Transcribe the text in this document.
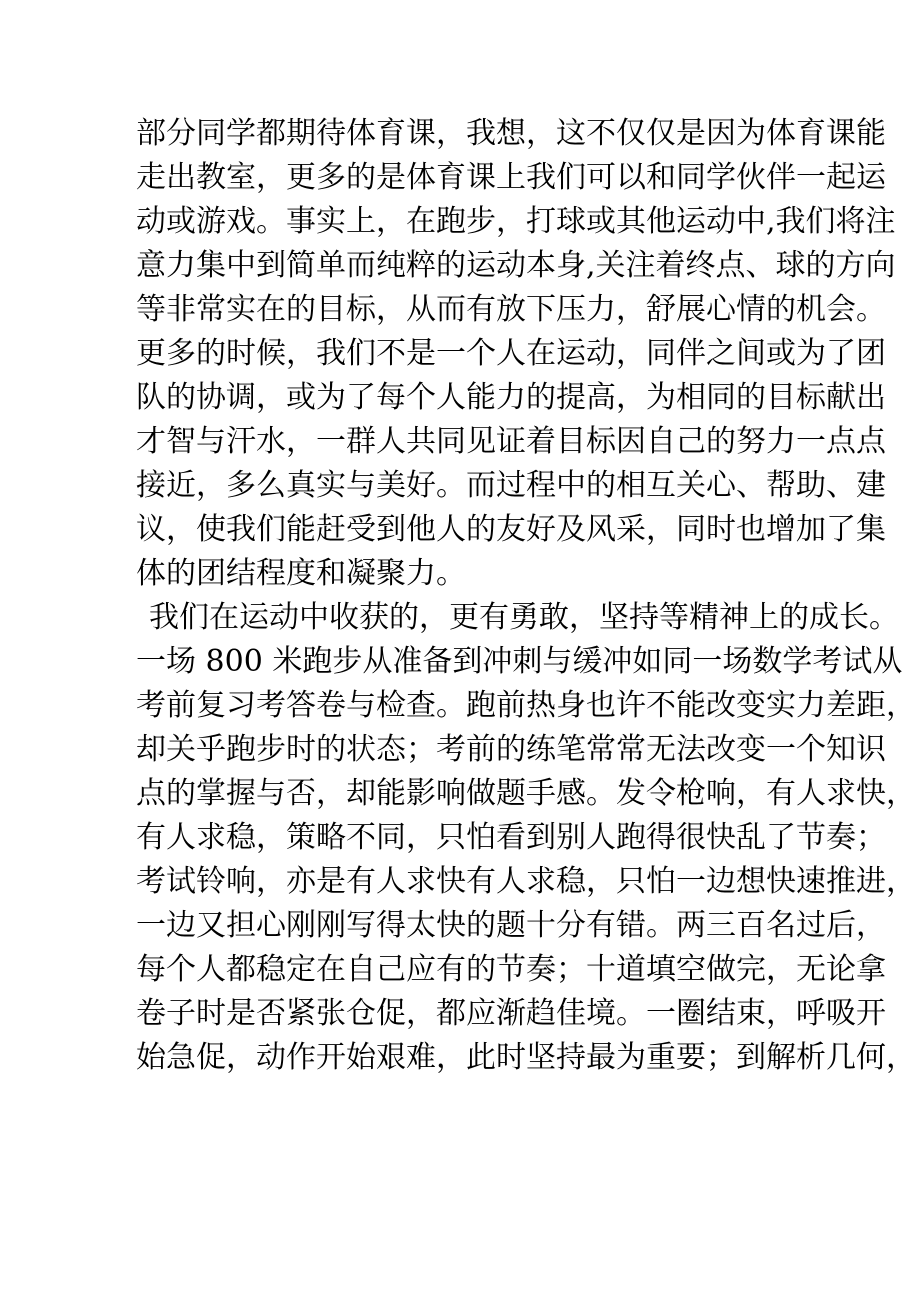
部分同学都期待体育课，我想，这不仅仅是因为体育课能
走出教室，更多的是体育课上我们可以和同学伙伴一起运
动或游戏。事实上，在跑步，打球或其他运动中,我们将注
意力集中到简单而纯粹的运动本身,关注着终点、球的方向
等非常实在的目标，从而有放下压力，舒展心情的机会。
更多的时候，我们不是一个人在运动，同伴之间或为了团
队的协调，或为了每个人能力的提高，为相同的目标献出
才智与汗水，一群人共同见证着目标因自己的努力一点点
接近，多么真实与美好。而过程中的相互关心、帮助、建
议，使我们能赶受到他人的友好及风采，同时也增加了集
体的团结程度和凝聚力。
我们在运动中收获的，更有勇敢，坚持等精神上的成长。
一场 800 米跑步从准备到冲刺与缓冲如同一场数学考试从
考前复习考答卷与检查。跑前热身也许不能改变实力差距，
却关乎跑步时的状态；考前的练笔常常无法改变一个知识
点的掌握与否，却能影响做题手感。发令枪响，有人求快，
有人求稳，策略不同，只怕看到别人跑得很快乱了节奏；
考试铃响，亦是有人求快有人求稳，只怕一边想快速推进，
一边又担心刚刚写得太快的题十分有错。两三百名过后，
每个人都稳定在自己应有的节奏；十道填空做完，无论拿
卷子时是否紧张仓促，都应渐趋佳境。一圈结束，呼吸开
始急促，动作开始艰难，此时坚持最为重要；到解析几何，
